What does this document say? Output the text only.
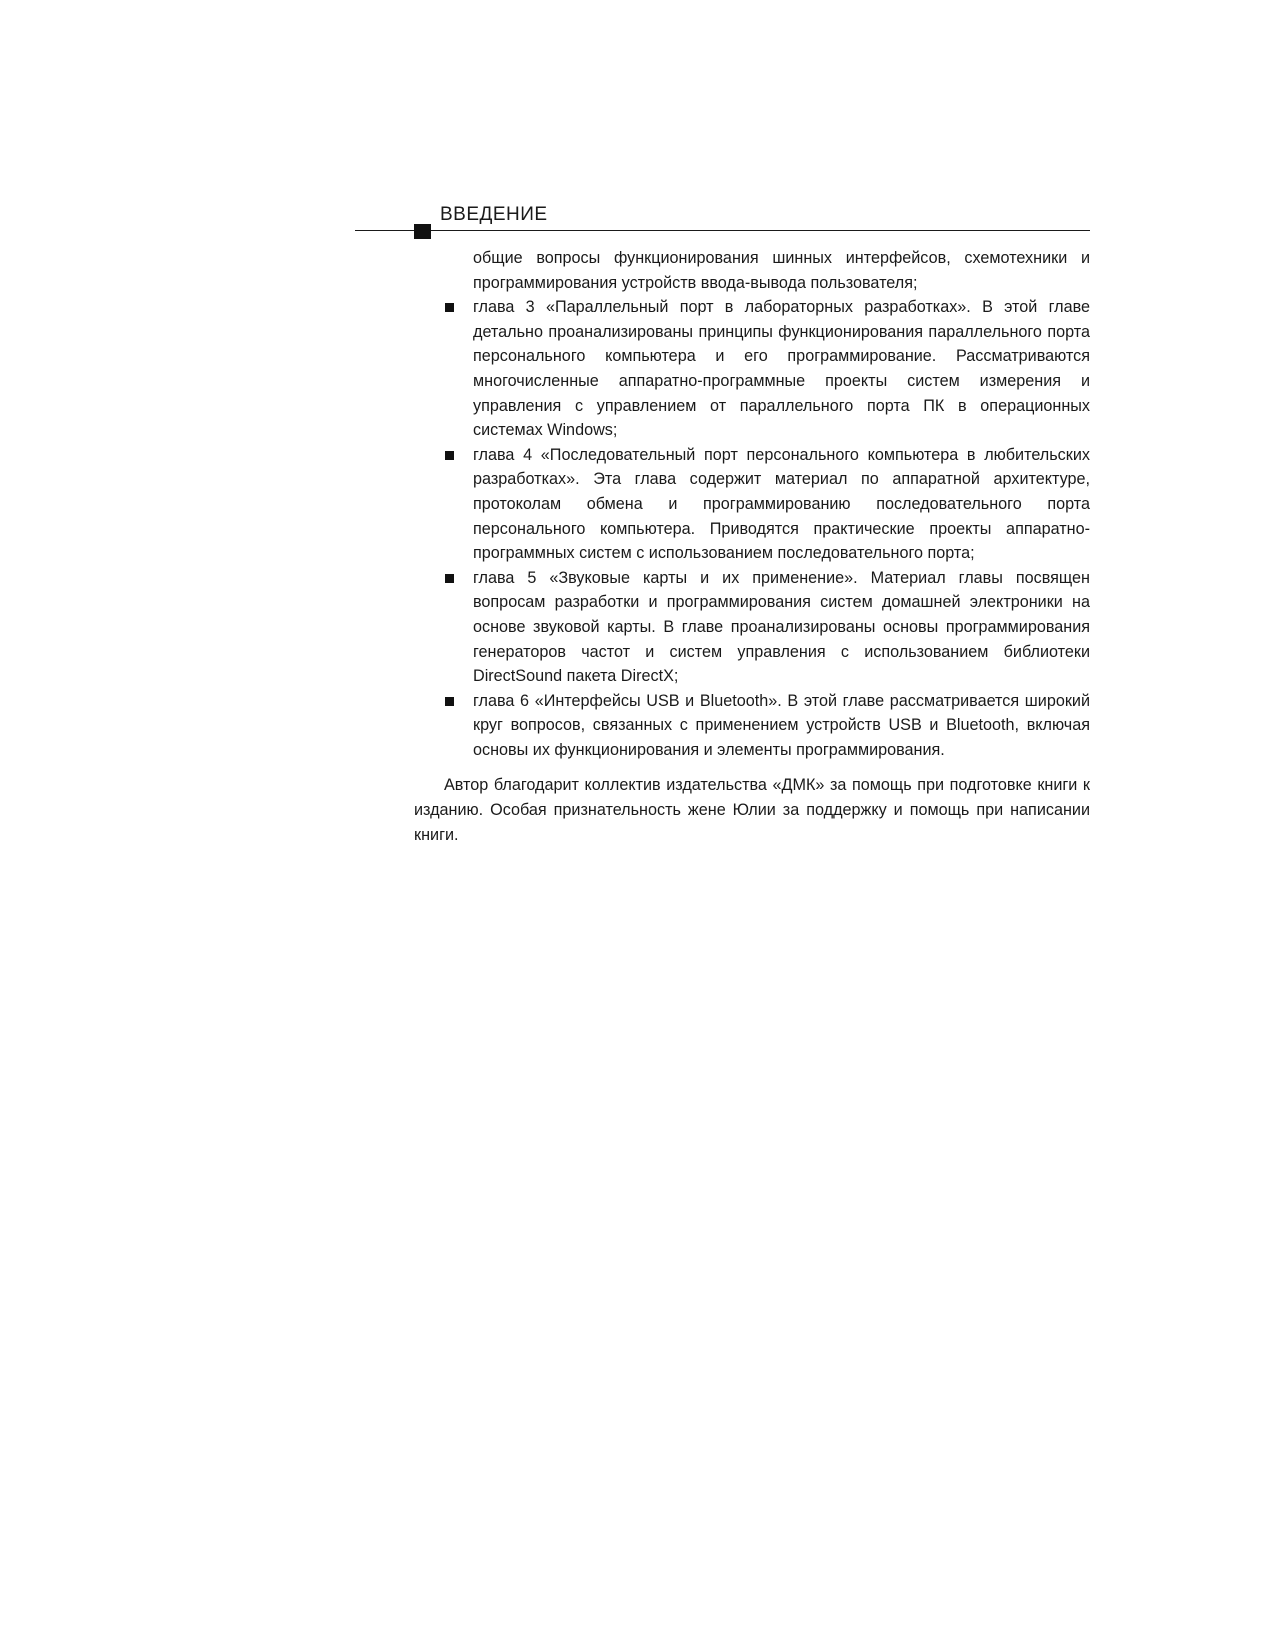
ВВЕДЕНИЕ

общие вопросы функционирования шинных интерфейсов, схемотехники и программирования устройств ввода-вывода пользователя;

глава 3 «Параллельный порт в лабораторных разработках». В этой главе детально проанализированы принципы функционирования параллельного порта персонального компьютера и его программирование. Рассматриваются многочисленные аппаратно-программные проекты систем измерения и управления с управлением от параллельного порта ПК в операционных системах Windows;
глава 4 «Последовательный порт персонального компьютера в любительских разработках». Эта глава содержит материал по аппаратной архитектуре, протоколам обмена и программированию последовательного порта персонального компьютера. Приводятся практические проекты аппаратно-программных систем с использованием последовательного порта;
глава 5 «Звуковые карты и их применение». Материал главы посвящен вопросам разработки и программирования систем домашней электроники на основе звуковой карты. В главе проанализированы основы программирования генераторов частот и систем управления с использованием библиотеки DirectSound пакета DirectX;
глава 6 «Интерфейсы USB и Bluetooth». В этой главе рассматривается широкий круг вопросов, связанных с применением устройств USB и Bluetooth, включая основы их функционирования и элементы программирования.

Автор благодарит коллектив издательства «ДМК» за помощь при подготовке книги к изданию. Особая признательность жене Юлии за поддержку и помощь при написании книги.
